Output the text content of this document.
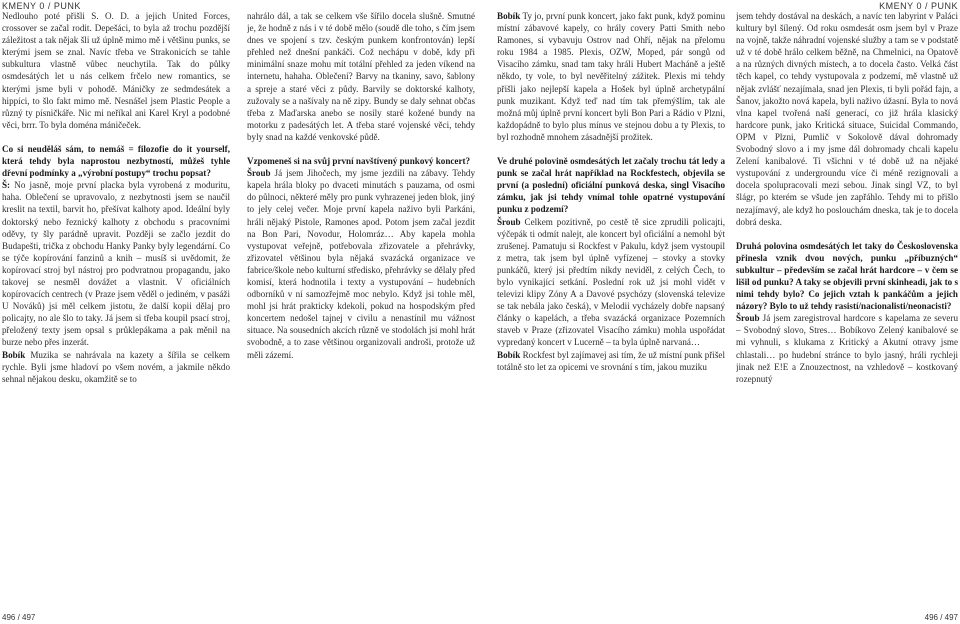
KMENY 0 / PUNK	KMENY 0 / PUNK

Nedlouho poté přišli S. O. D. a jejich United Forces, crossover se začal rodit. Depešáci, to byla až trochu pozdější záležitost a tak nějak šli už úplně mimo mě i většinu punks, se kterými jsem se znal. Navíc třeba ve Strakonicích se tahle subkultura vlastně vůbec neuchytila. Tak do půlky osmdesátých let u nás celkem frčelo new romantics, se kterými jsme byli v pohodě. Máničky ze sedmdesátek a hippíci, to šlo fakt mimo mě. Nesnášel jsem Plastic People a různý ty písničkáře. Nic mi neříkal ani Karel Kryl a podobné věci, brrr. To byla doména máničeček.

Co si neuděláš sám, to nemáš = filozofie do it yourself, která tehdy byla naprostou nezbytností, můžeš tyhle dřevní podmínky a „výrobní postupy“ trochu popsat?

Š: No jasně, moje první placka byla vyrobená z moduritu, haha. Oblečení se upravovalo, z nezbytnosti jsem se naučil kreslit na textil, barvit ho, přešívat kalhoty apod. Ideální byly doktorský nebo řeznický kalhoty z obchodu s pracovními oděvy, ty šly parádně upravit. Později se začlo jezdit do Budapešti, trička z obchodu Hanky Panky byly legendární. Co se týče kopírování fanzinů a knih – musíš si uvědomit, že kopírovací stroj byl nástroj pro podvratnou propagandu, jako takovej se nesměl dovážet a vlastnit. V oficiálních kopírovacích centrech (v Praze jsem věděl o jediném, v pasáži U Nováků) jsi měl celkem jistotu, že další kopii dělaj pro policajty, no ale šlo to taky. Já jsem si třeba koupil psací stroj, přeložený texty jsem opsal s průklepákama a pak měnil na burze nebo přes inzerát.

Bobík Muzika se nahrávala na kazety a šířila se celkem rychle. Byli jsme hladoví po všem novém, a jakmile někdo sehnal nějakou desku, okamžitě se to

nahrálo dál, a tak se celkem vše šířilo docela slušně. Smutné je, že hodně z nás i v té době mělo (soudě dle toho, s čím jsem dnes ve spojení s tzv. českým punkem konfrontován) lepší přehled než dnešní pankáči. Což nechápu v době, kdy při minimální snaze mohu mít totální přehled za jeden víkend na internetu, hahaha. Oblečení? Barvy na tkaniny, savo, šablony a spreje a staré věci z půdy. Barvily se doktorské kalhoty, zužovaly se a našívaly na ně zipy. Bundy se daly sehnat občas třeba z Maďarska anebo se nosily staré kožené bundy na motorku z padesátých let. A třeba staré vojenské věci, tehdy byly snad na každé venkovské půdě.

Vzpomeneš si na svůj první navštívený punkový koncert?

Šroub Já jsem Jihočech, my jsme jezdili na zábavy. Tehdy kapela hrála bloky po dvaceti minutách s pauzama, od osmi do půlnoci, některé měly pro punk vyhrazenej jeden blok, jiný to jely celej večer. Moje první kapela naživo byli Parkáni, hráli nějaký Pistole, Ramones apod. Potom jsem začal jezdit na Bon Pari, Novodur, Holomráz… Aby kapela mohla vystupovat veřejně, potřebovala zřizovatele a přehrávky, zřizovatel většinou byla nějaká svazácká organizace ve fabrice/škole nebo kulturní středisko, přehrávky se dělaly před komisí, která hodnotila i texty a vystupování – hudebních odborníků v ní samozřejmě moc nebylo. Když jsi tohle měl, mohl jsi hrát prakticky kdekoli, pokud na hospodským před koncertem nedošel tajnej v civilu a nenastínil mu vážnost situace. Na sousedních akcích různě ve stodolách jsi mohl hrát svobodně, a to zase většinou organizovali androši, protože už měli zázemí.

Bobík Ty jo, první punk koncert, jako fakt punk, když pominu místní zábavové kapely, co hrály covery Patti Smith nebo Ramones, si vybavuju Ostrov nad Ohří, nějak na přelomu roku 1984 a 1985. Plexis, OZW, Moped, pár songů od Visacího zámku, snad tam taky hráli Hubert Macháně a ještě někdo, ty vole, to byl nevěřitelný zážitek. Plexis mi tehdy přišli jako nejlepší kapela a Hošek byl úplně archetypální punk muzikant. Když teď nad tím tak přemýšlím, tak ale možná můj úplně první koncert byli Bon Pari a Rádio v Plzni, každopádně to bylo plus mínus ve stejnou dobu a ty Plexis, to byl rozhodně mnohem zásadnější prožitek.

Ve druhé polovině osmdesátých let začaly trochu tát ledy a punk se začal hrát například na Rockfestech, objevila se první (a poslední) oficiální punková deska, singl Visacího zámku, jak jsi tehdy vnímal tohle opatrné vystupování punku z podzemí?

Šroub Celkem pozitivně, po cestě tě sice zprudili policajti, výčepák ti odmít nalejt, ale koncert byl oficiální a nemohl být zrušenej. Pamatuju si Rockfest v Pakulu, když jsem vystoupil z metra, tak jsem byl úplně vyfízenej – stovky a stovky punkáčů, který jsi předtím nikdy neviděl, z celých Čech, to bylo vynikající setkání. Poslední rok už jsi mohl vidět v televizi klipy Zóny A a Davové psychózy (slovenská televize se tak nebála jako česká), v Melodii vycházely dobře napsaný články o kapelách, a třeba svazácká organizace Pozemních staveb v Praze (zřizovatel Visacího zámku) mohla uspořádat vypredaný koncert v Lucerně – ta byla úplně narvaná…

Bobík Rockfest byl zajímavej asi tím, že už místní punk přišel totálně sto let za opicemi ve srovnání s tím, jakou muziku

jsem tehdy dostával na deskách, a navíc ten labyrint v Paláci kultury byl šílený. Od roku osmdesát osm jsem byl v Praze na vojně, takže náhradní vojenské služby a tam se v podstatě už v té době hrálo celkem běžně, na Chmelnici, na Opatově a na různých divných místech, a to docela často. Velká část těch kapel, co tehdy vystupovala z podzemí, mě vlastně už nějak zvlášť nezajímala, snad jen Plexis, ti byli pořád fajn, a Šanov, jakožto nová kapela, byli naživo úžasní. Byla to nová vlna kapel tvořená naší generací, co již hrála klasický hardcore punk, jako Kritická situace, Suicidal Commando, OPM v Plzni, Pumlič v Sokolově dával dohromady Svobodný slovo a i my jsme dál dohromady chcali kapelu Zelení kanibalové. Ti všichni v té době už na nějaké vystupování z undergroundu více či méně rezignovali a docela spolupracovali mezi sebou. Jinak singl VZ, to byl šlágr, po kterém se všude jen zapřáhlo. Tehdy mi to přišlo nezajímavý, ale když ho poslouchám dneska, tak je to docela dobrá deska.

Druhá polovina osmdesátých let taky do Československa přinesla vznik dvou nových, punku „příbuzných“ subkultur – především se začal hrát hardcore – v čem se lišil od punku? A taky se objevili první skinheadi, jak to s nimi tehdy bylo? Co jejich vztah k pankáčům a jejich názory? Bylo to už tehdy rasistí/nacionalisti/neonacisti?

Šroub Já jsem zaregistroval hardcore s kapelama ze severu – Svobodný slovo, Stres… Bobíkovo Zelený kanibalové se mi vyhnuli, s klukama z Kritický a Akutní otravy jsme chlastali… po hudební stránce to bylo jasný, hráli rychleji jinak než E!E a Znouzectnost, na vzhledově – kostkovaný rozepnutý

496 / 497	496 / 497
